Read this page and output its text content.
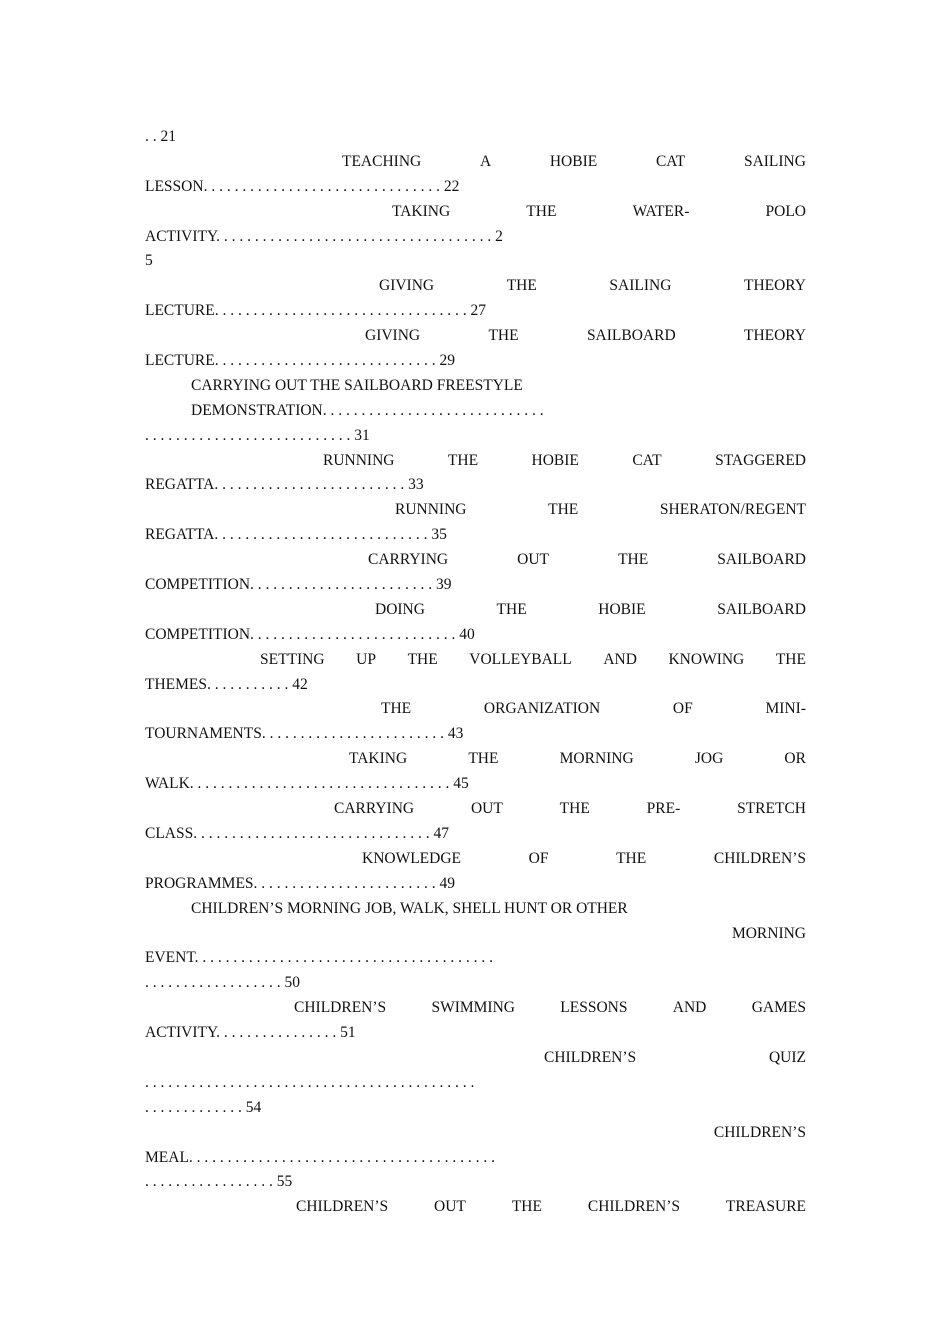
. . 21
TEACHING	A	HOBIE	CAT	SAILING
LESSON. . . . . . . . . . . . . . . . . . . . . . . . . . . . . . . 22
TAKING	THE	WATER-	POLO
ACTIVITY. . . . . . . . . . . . . . . . . . . . . . . . . . . . . . . . . . . . 2
5
GIVING	THE	SAILING	THEORY
LECTURE. . . . . . . . . . . . . . . . . . . . . . . . . . . . . . . . . 27
GIVING	THE	SAILBOARD	THEORY
LECTURE. . . . . . . . . . . . . . . . . . . . . . . . . . . . . 29
CARRYING OUT THE SAILBOARD FREESTYLE
DEMONSTRATION. . . . . . . . . . . . . . . . . . . . . . . . . . . . .
. . . . . . . . . . . . . . . . . . . . . . . . . . . 31
RUNNING	THE	HOBIE	CAT	STAGGERED
REGATTA. . . . . . . . . . . . . . . . . . . . . . . . . 33
RUNNING	THE	SHERATON/REGENT
REGATTA. . . . . . . . . . . . . . . . . . . . . . . . . . . . 35
CARRYING	OUT	THE	SAILBOARD
COMPETITION. . . . . . . . . . . . . . . . . . . . . . . . 39
DOING	THE	HOBIE	SAILBOARD
COMPETITION. . . . . . . . . . . . . . . . . . . . . . . . . . . 40
SETTING UP THE VOLLEYBALL AND KNOWING THE
THEMES. . . . . . . . . . . 42
THE	ORGANIZATION	OF	MINI-
TOURNAMENTS. . . . . . . . . . . . . . . . . . . . . . . . 43
TAKING	THE	MORNING	JOG	OR
WALK. . . . . . . . . . . . . . . . . . . . . . . . . . . . . . . . . . 45
CARRYING	OUT	THE	PRE-	STRETCH
CLASS. . . . . . . . . . . . . . . . . . . . . . . . . . . . . . . 47
KNOWLEDGE	OF	THE	CHILDREN’S
PROGRAMMES. . . . . . . . . . . . . . . . . . . . . . . . 49
CHILDREN’S MORNING JOB, WALK, SHELL HUNT OR OTHER
MORNING
EVENT. . . . . . . . . . . . . . . . . . . . . . . . . . . . . . . . . . . . . . .
. . . . . . . . . . . . . . . . . . 50
CHILDREN’S	SWIMMING	LESSONS	AND	GAMES
ACTIVITY. . . . . . . . . . . . . . . . 51
CHILDREN’S	QUIZ
. . . . . . . . . . . . . . . . . . . . . . . . . . . . . . . . . . . . . . . . . . .
. . . . . . . . . . . . . 54
CHILDREN’S
MEAL. . . . . . . . . . . . . . . . . . . . . . . . . . . . . . . . . . . . . . . .
. . . . . . . . . . . . . . . . . 55
CHILDREN’S	OUT	THE	CHILDREN’S	TREASURE
